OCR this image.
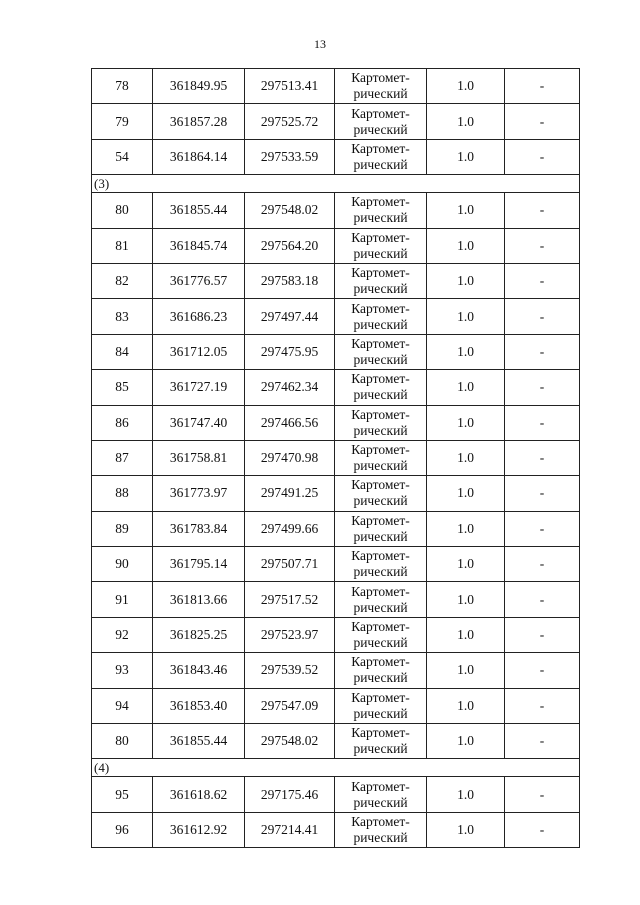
13
78	361849.95	297513.41	Картомет-
рический	1.0	-
79	361857.28	297525.72	Картомет-
рический	1.0	-
54	361864.14	297533.59	Картомет-
рический	1.0	-
(3)					
80	361855.44	297548.02	Картомет-
рический	1.0	-
81	361845.74	297564.20	Картомет-
рический	1.0	-
82	361776.57	297583.18	Картомет-
рический	1.0	-
83	361686.23	297497.44	Картомет-
рический	1.0	-
84	361712.05	297475.95	Картомет-
рический	1.0	-
85	361727.19	297462.34	Картомет-
рический	1.0	-
86	361747.40	297466.56	Картомет-
рический	1.0	-
87	361758.81	297470.98	Картомет-
рический	1.0	-
88	361773.97	297491.25	Картомет-
рический	1.0	-
89	361783.84	297499.66	Картомет-
рический	1.0	-
90	361795.14	297507.71	Картомет-
рический	1.0	-
91	361813.66	297517.52	Картомет-
рический	1.0	-
92	361825.25	297523.97	Картомет-
рический	1.0	-
93	361843.46	297539.52	Картомет-
рический	1.0	-
94	361853.40	297547.09	Картомет-
рический	1.0	-
80	361855.44	297548.02	Картомет-
рический	1.0	-
(4)					
95	361618.62	297175.46	Картомет-
рический	1.0	-
96	361612.92	297214.41	Картомет-
рический	1.0	-
